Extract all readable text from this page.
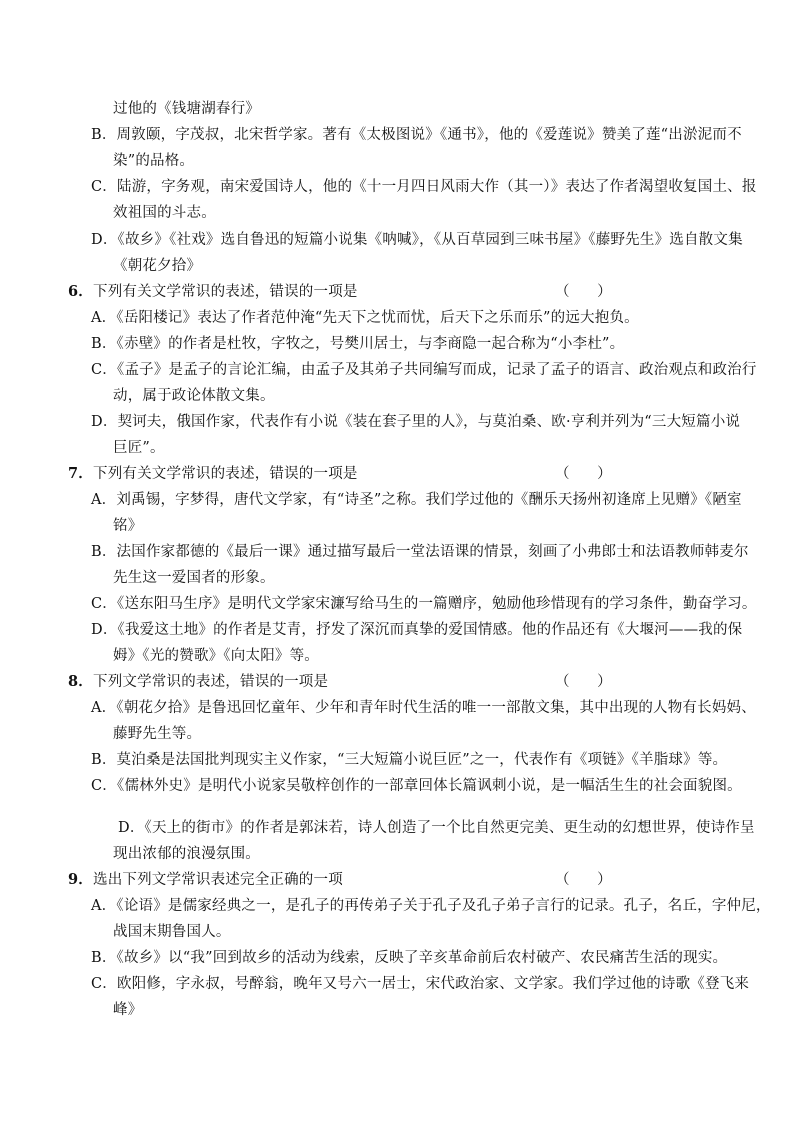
过他的《钱塘湖春行》
B．周敦颐，字茂叔，北宋哲学家。著有《太极图说》《通书》，他的《爱莲说》赞美了莲“出淤泥而不
染”的品格。
C．陆游，字务观，南宋爱国诗人，他的《十一月四日风雨大作（其一）》表达了作者渴望收复国土、报
效祖国的斗志。
D．《故乡》《社戏》选自鲁迅的短篇小说集《呐喊》，《从百草园到三味书屋》《藤野先生》选自散文集
《朝花夕拾》
6．下列有关文学常识的表述，错误的一项是	（      ）
A．《岳阳楼记》表达了作者范仲淹“先天下之忧而忧，后天下之乐而乐”的远大抱负。
B．《赤壁》的作者是杜牧，字牧之，号樊川居士，与李商隐一起合称为“小李杜”。
C．《孟子》是孟子的言论汇编，由孟子及其弟子共同编写而成，记录了孟子的语言、政治观点和政治行
动，属于政论体散文集。
D．契诃夫，俄国作家，代表作有小说《装在套子里的人》，与莫泊桑、欧·亨利并列为“三大短篇小说
巨匠”。
7．下列有关文学常识的表述，错误的一项是	（      ）
A．刘禹锡，字梦得，唐代文学家，有“诗圣”之称。我们学过他的《酬乐天扬州初逢席上见赠》《陋室
铭》
B．法国作家都德的《最后一课》通过描写最后一堂法语课的情景，刻画了小弗郎士和法语教师韩麦尔
先生这一爱国者的形象。
C．《送东阳马生序》是明代文学家宋濂写给马生的一篇赠序，勉励他珍惜现有的学习条件，勤奋学习。
D．《我爱这土地》的作者是艾青，抒发了深沉而真挚的爱国情感。他的作品还有《大堰河——我的保
姆》《光的赞歌》《向太阳》等。
8．下列文学常识的表述，错误的一项是	（      ）
A．《朝花夕拾》是鲁迅回忆童年、少年和青年时代生活的唯一一部散文集，其中出现的人物有长妈妈、
藤野先生等。
B．莫泊桑是法国批判现实主义作家，“三大短篇小说巨匠”之一，代表作有《项链》《羊脂球》等。
C．《儒林外史》是明代小说家吴敬梓创作的一部章回体长篇讽刺小说，是一幅活生生的社会面貌图。
D．《天上的街市》的作者是郭沫若，诗人创造了一个比自然更完美、更生动的幻想世界，使诗作呈
现出浓郁的浪漫氛围。
9．选出下列文学常识表述完全正确的一项	（      ）
A．《论语》是儒家经典之一，是孔子的再传弟子关于孔子及孔子弟子言行的记录。孔子，名丘，字仲尼，
战国末期鲁国人。
B．《故乡》以“我”回到故乡的活动为线索，反映了辛亥革命前后农村破产、农民痛苦生活的现实。
C．欧阳修，字永叔，号醉翁，晚年又号六一居士，宋代政治家、文学家。我们学过他的诗歌《登飞来
峰》
